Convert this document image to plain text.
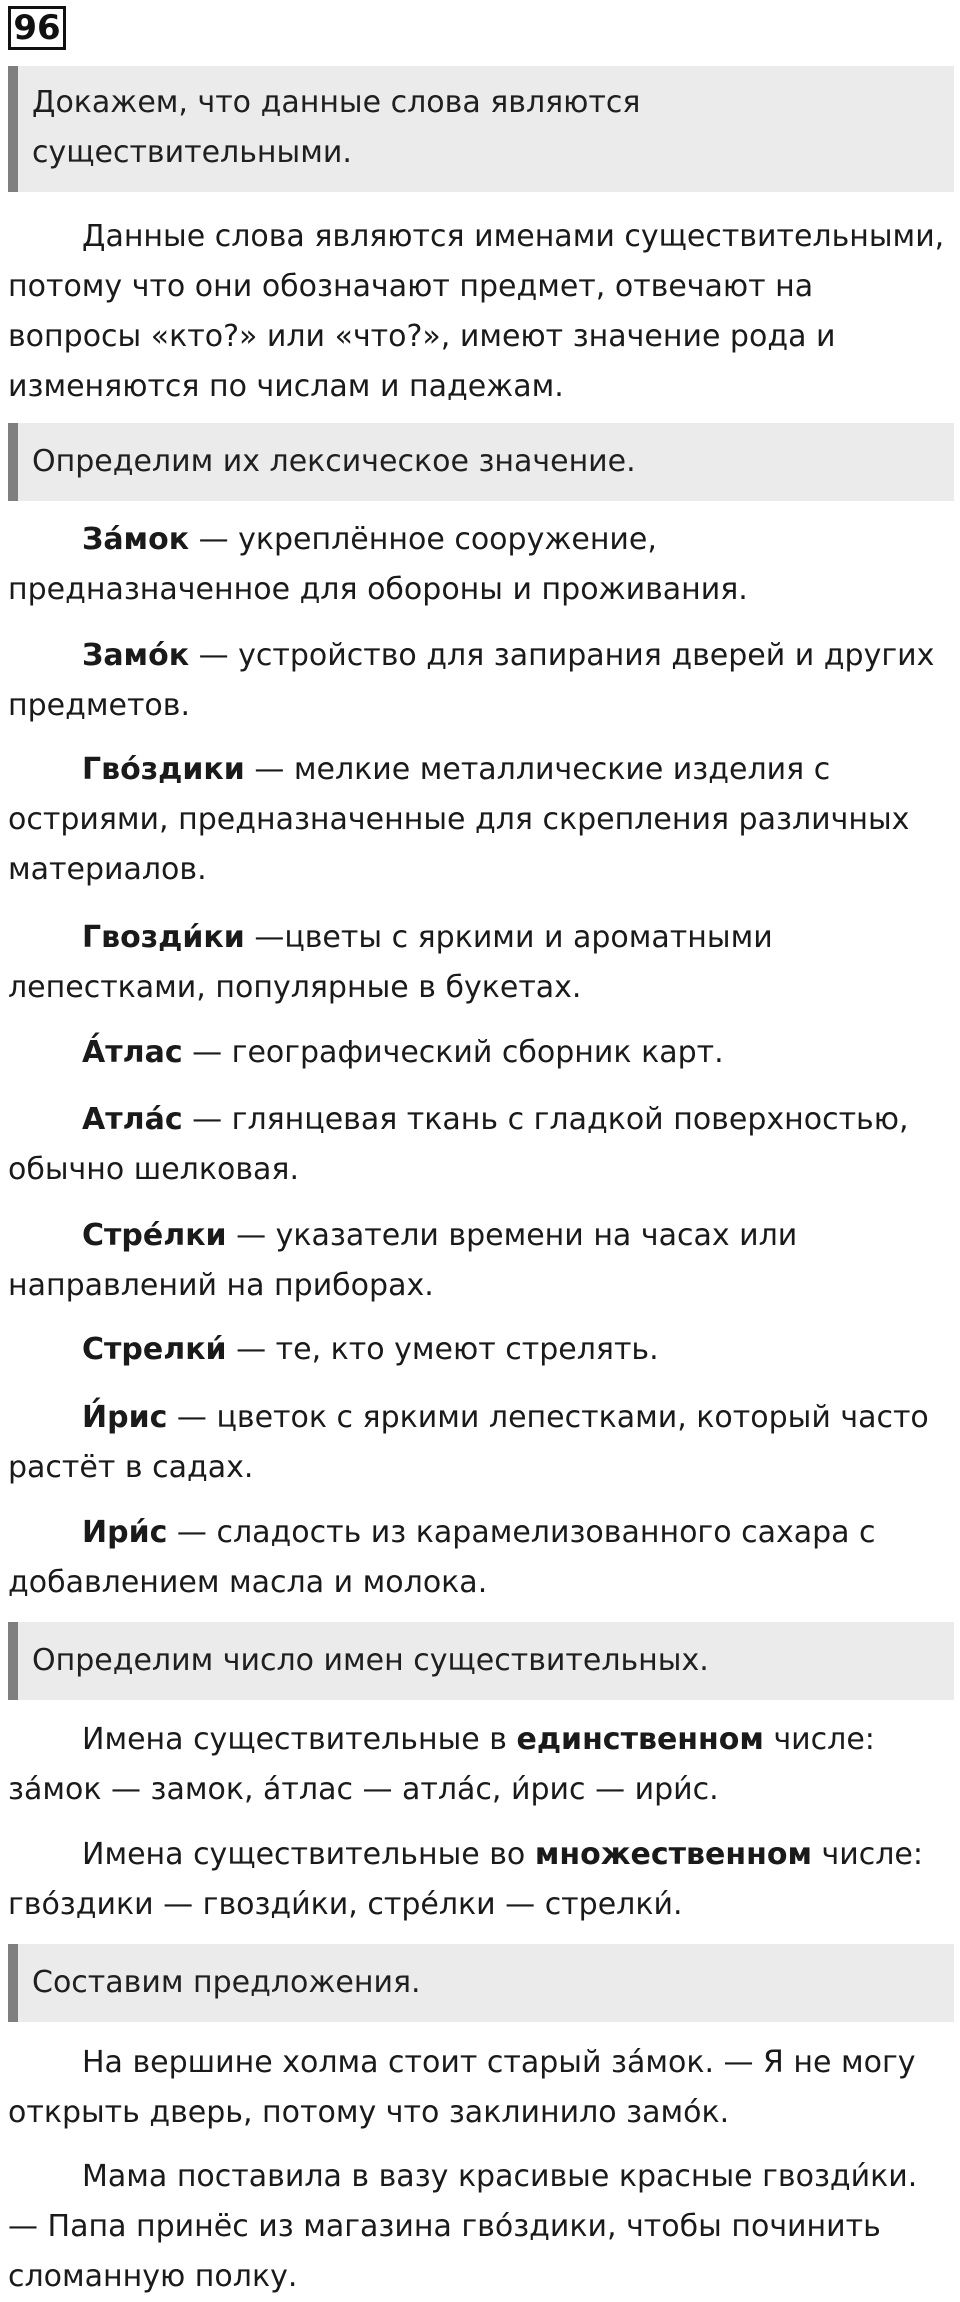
96
Докажем, что данные слова являются
существительными.

Данные слова являются именами существительными, потому что они обозначают предмет, отвечают на вопросы «кто?» или «что?», имеют значение рода и изменяются по числам и падежам.

Определим их лексическое значение.

За́мок — укреплённое сооружение, предназначенное для обороны и проживания.

Замо́к — устройство для запирания дверей и других предметов.

Гво́здики — мелкие металлические изделия с остриями, предназначенные для скрепления различных материалов.

Гвозди́ки —цветы с яркими и ароматными лепестками, популярные в букетах.

А́тлас — географический сборник карт.

Атла́с — глянцевая ткань с гладкой поверхностью, обычно шелковая.

Стре́лки — указатели времени на часах или направлений на приборах.

Стрелки́ — те, кто умеют стрелять.

И́рис — цветок с яркими лепестками, который часто растёт в садах.

Ири́с — сладость из карамелизованного сахара с добавлением масла и молока.

Определим число имен существительных.

Имена существительные в единственном числе: за́мок — замок, а́тлас — атла́с, и́рис — ири́с.

Имена существительные во множественном числе: гво́здики — гвозди́ки, стре́лки — стрелки́.

Составим предложения.

На вершине холма стоит старый за́мок. — Я не могу открыть дверь, потому что заклинило замо́к.

Мама поставила в вазу красивые красные гвозди́ки. — Папа принёс из магазина гво́здики, чтобы починить сломанную полку.
